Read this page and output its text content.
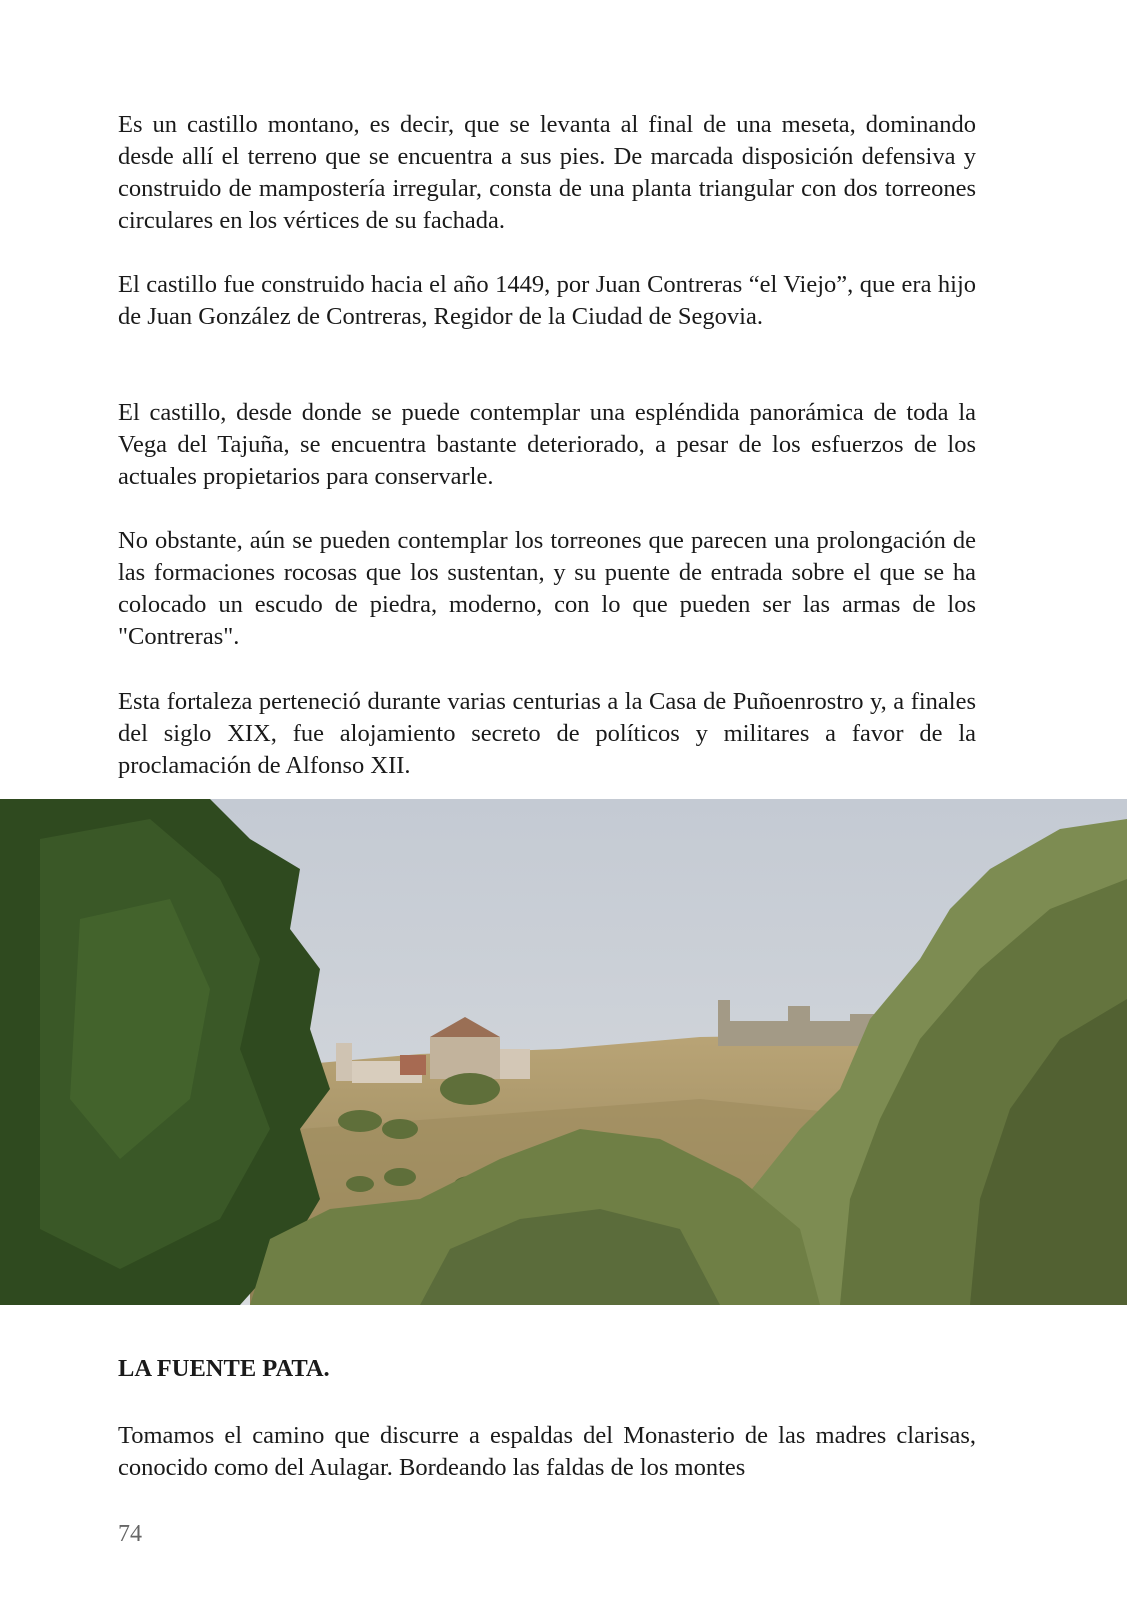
Es un castillo montano, es decir, que se levanta al final de una meseta, dominando desde allí el terreno que se encuentra a sus pies. De marcada disposición defensiva y construido de mampostería irregular, consta de una planta triangular con dos torreones circulares en los vértices de su fachada.

El castillo fue construido hacia el año 1449, por Juan Contreras “el Viejo”, que era hijo de Juan González de Contreras, Regidor de la Ciudad de Segovia.

El castillo, desde donde se puede contemplar una espléndida panorámica de toda la Vega del Tajuña, se encuentra bastante deteriorado, a pesar de los esfuerzos de los actuales propietarios para conservarle.

No obstante, aún se pueden contemplar los torreones que parecen una prolongación de las formaciones rocosas que los sustentan, y su puente de entrada sobre el que se ha colocado un escudo de piedra, moderno, con lo que pueden ser las armas de los "Contreras".

Esta fortaleza perteneció durante varias centurias a la Casa de Puñoenrostro y, a finales del siglo XIX, fue alojamiento secreto de políticos y militares a favor de la proclamación de Alfonso XII.

LA FUENTE PATA.

Tomamos el camino que discurre a espaldas del Monasterio de las madres clarisas, conocido como del Aulagar. Bordeando las faldas de los montes

74
